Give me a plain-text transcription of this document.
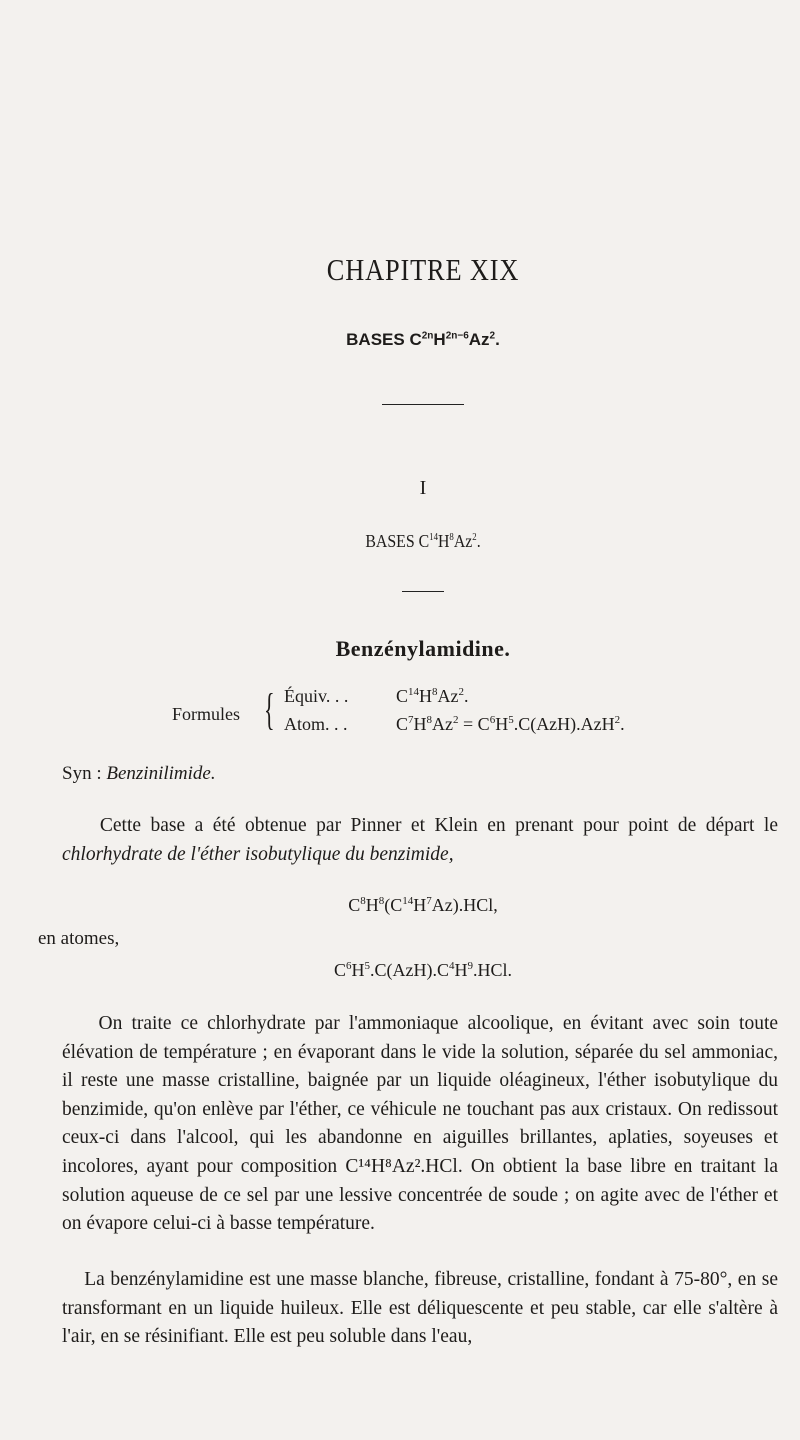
CHAPITRE XIX
BASES $C^{2n}H^{2n-6}Az^2$.
I
BASES $C^{14}H^8Az^2$.
Benzénylamidine.
Formules { Équiv. . .	$C^{14}H^8Az^2$.
Atom. . .	$C^7H^8Az^2 = C^6H^5.C(AzH).AzH^2$.
Syn : Benzinilimide.

Cette base a été obtenue par Pinner et Klein en prenant pour point de départ le chlorhydrate de l'éther isobutylique du benzimide,

$C^8H^8(C^{14}H^7Az).HCl$,
en atomes,
$C^6H^5.C(AzH).C^4H^9.HCl$.

On traite ce chlorhydrate par l'ammoniaque alcoolique, en évitant avec soin toute élévation de température ; en évaporant dans le vide la solution, séparée du sel ammoniac, il reste une masse cristalline, baignée par un liquide oléagineux, l'éther isobutylique du benzimide, qu'on enlève par l'éther, ce véhicule ne touchant pas aux cristaux. On redissout ceux-ci dans l'alcool, qui les abandonne en aiguilles brillantes, aplaties, soyeuses et incolores, ayant pour composition C¹⁴H⁸Az².HCl. On obtient la base libre en traitant la solution aqueuse de ce sel par une lessive concentrée de soude ; on agite avec de l'éther et on évapore celui-ci à basse température.

La benzénylamidine est une masse blanche, fibreuse, cristalline, fondant à 75-80°, en se transformant en un liquide huileux. Elle est déliquescente et peu stable, car elle s'altère à l'air, en se résinifiant. Elle est peu soluble dans l'eau,
